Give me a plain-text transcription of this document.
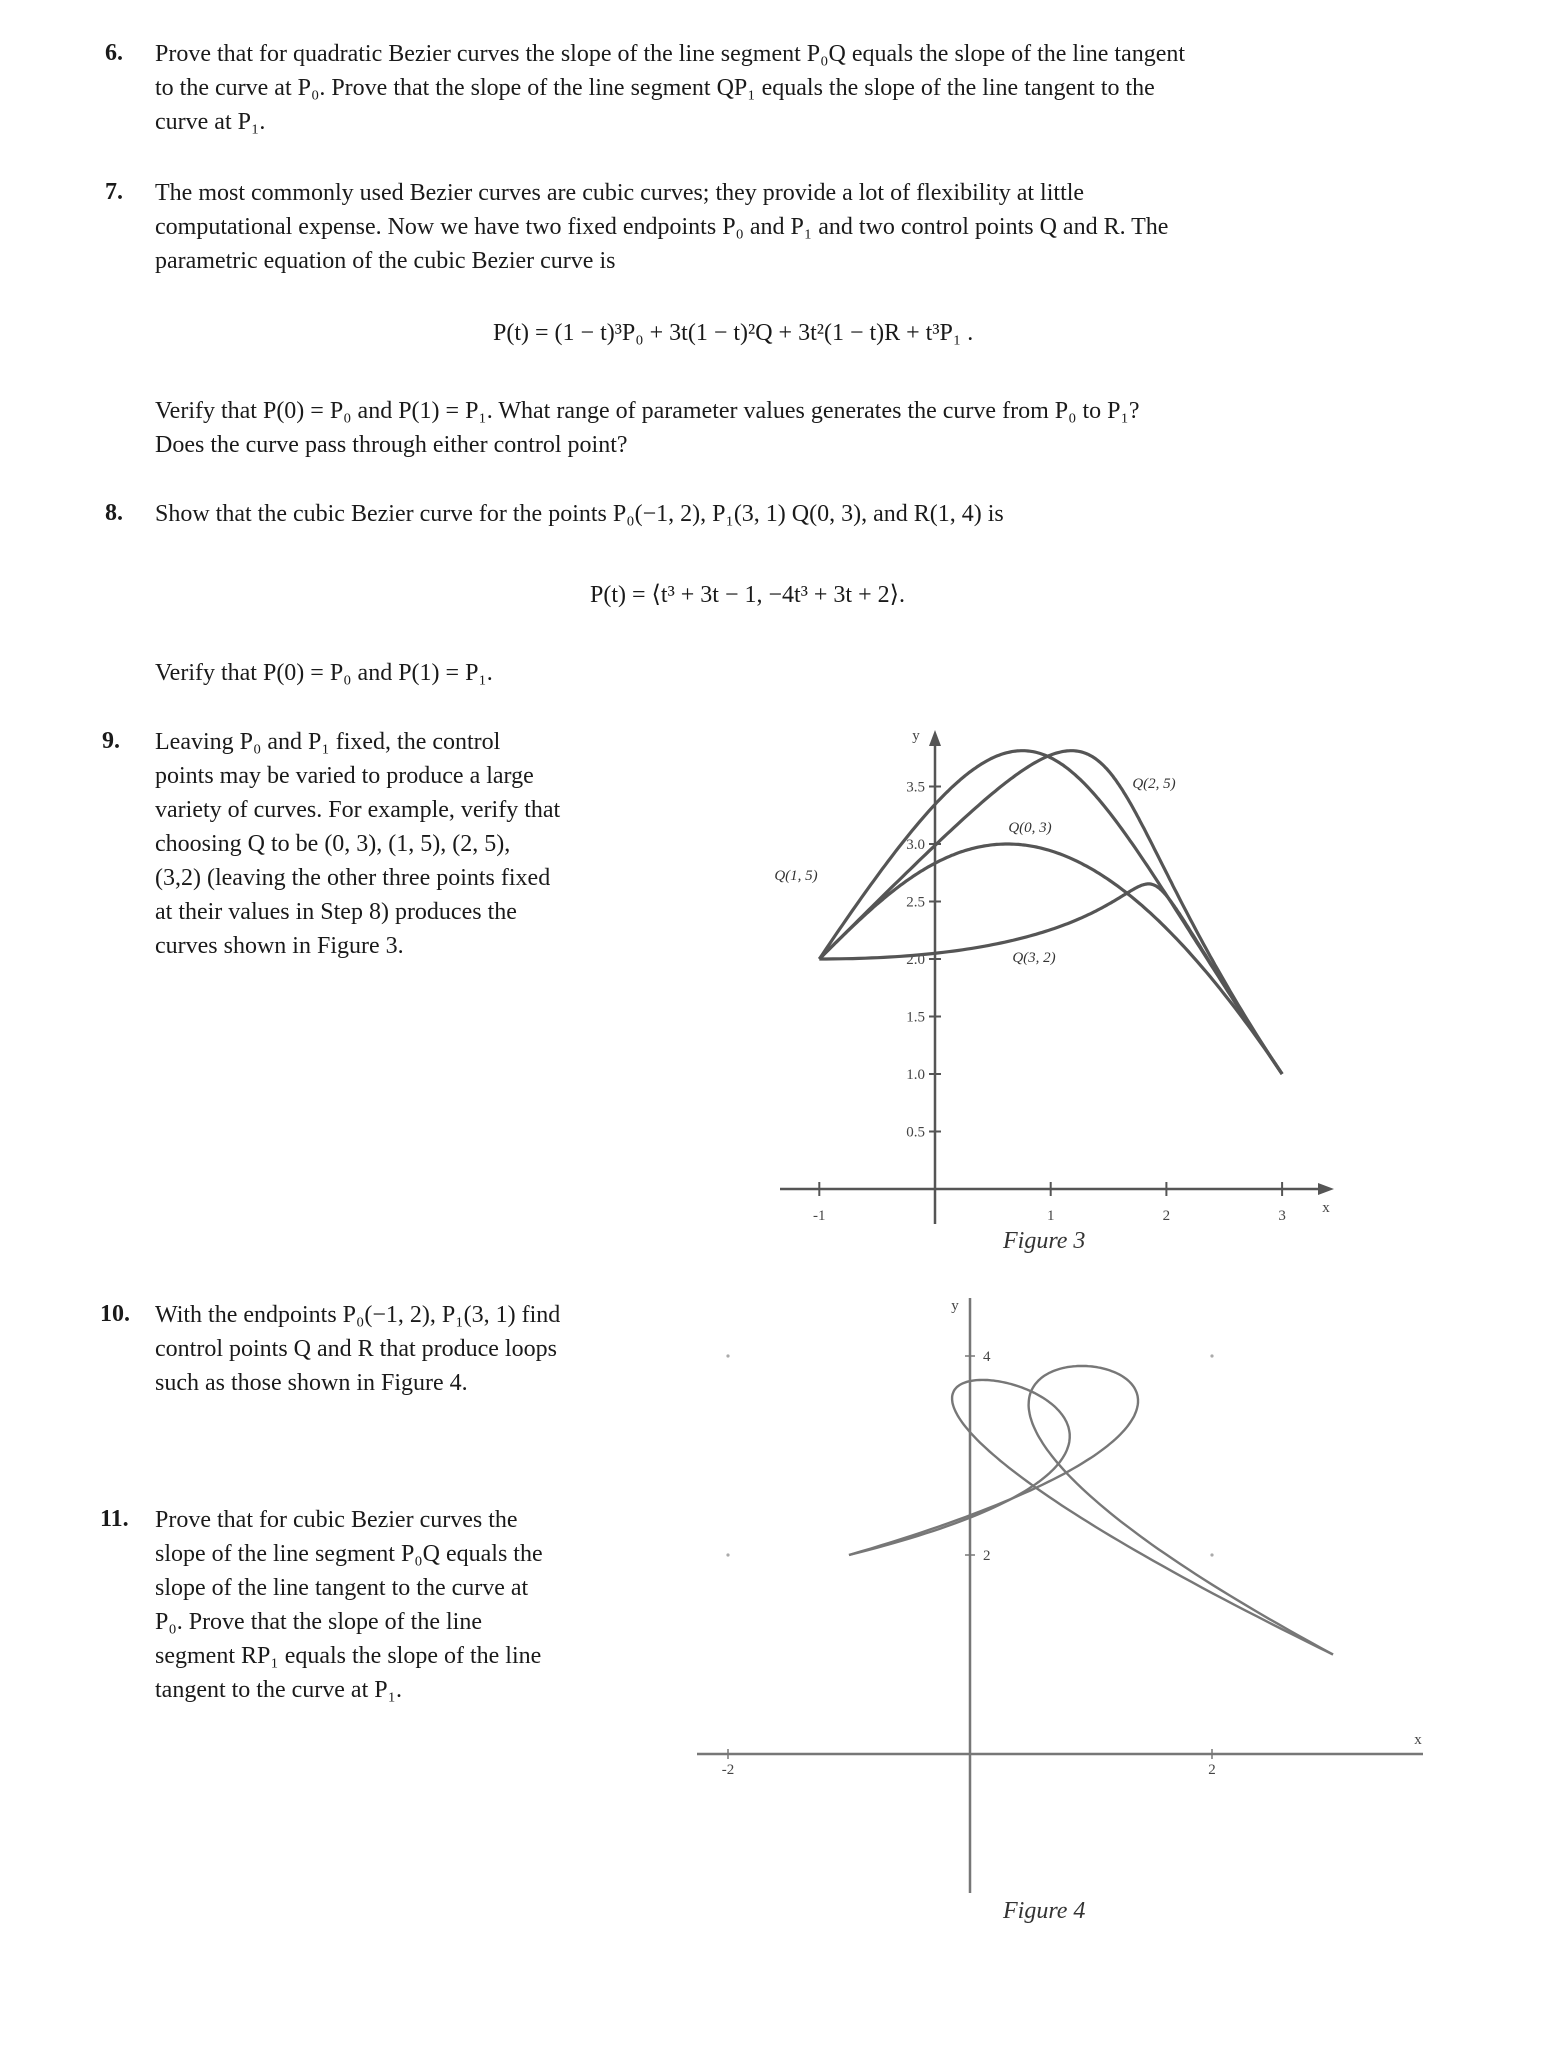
6. Prove that for quadratic Bezier curves the slope of the line segment P₀Q equals the slope of the line tangent
to the curve at P₀. Prove that the slope of the line segment QP₁ equals the slope of the line tangent to the
curve at P₁.
7. The most commonly used Bezier curves are cubic curves; they provide a lot of flexibility at little
computational expense. Now we have two fixed endpoints P₀ and P₁ and two control points Q and R. The
parametric equation of the cubic Bezier curve is
P(t) = (1 − t)³P₀ + 3t(1 − t)²Q + 3t²(1 − t)R + t³P₁ .
Verify that P(0) = P₀ and P(1) = P₁. What range of parameter values generates the curve from P₀ to P₁?
Does the curve pass through either control point?
8. Show that the cubic Bezier curve for the points P₀(−1, 2), P₁(3, 1) Q(0, 3), and R(1, 4) is
P(t) = ⟨t³ + 3t − 1, −4t³ + 3t + 2⟩.
Verify that P(0) = P₀ and P(1) = P₁.
9. Leaving P₀ and P₁ fixed, the control
points may be varied to produce a large
variety of curves. For example, verify that
choosing Q to be (0, 3), (1, 5), (2, 5),
(3,2) (leaving the other three points fixed
at their values in Step 8) produces the
curves shown in Figure 3.
10. With the endpoints P₀(−1, 2), P₁(3, 1) find
control points Q and R that produce loops
such as those shown in Figure 4.
11. Prove that for cubic Bezier curves the
slope of the line segment P₀Q equals the
slope of the line tangent to the curve at
P₀. Prove that the slope of the line
segment RP₁ equals the slope of the line
tangent to the curve at P₁.
x
y
-1	1	2	3
0.5
1.0
1.5
2.0
2.5
3.0
3.5
Q(0, 3)
Q(1, 5)
Q(2, 5)
Q(3, 2)
x
y
-2	2
2
4
Figure 3
Figure 4
